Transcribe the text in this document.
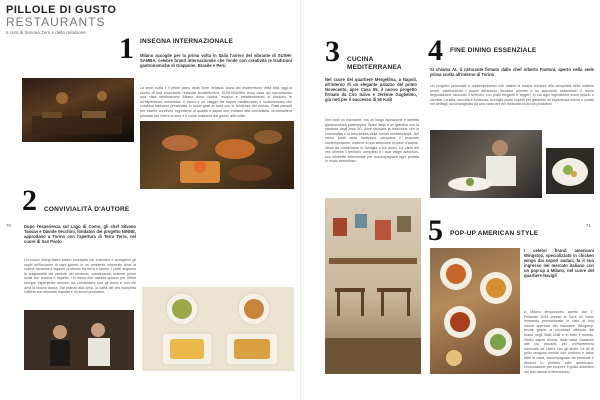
PILLOLE DI GUSTO
RESTAURANTS
a cura di Simona Zerri e della redazione 1 INSEGNA INTERNAZIONALE
Milano accoglie per la prima volta in Italia l'arrivo del vibrante di SUSHI-SAMBA, celebre brand internazionale che fonde con creatività le tradizioni gastronomiche di Giappone, Brasile e Perù
La sede svela il il primo piano della Torre Velasca, icona del modernismo della città oggi al centro di una importante rinascita architettonica. SUSHISAMBA trova casa qui raccontando una vista destinazione Milano dove cucina, musica e intrattenimento si fondono in un'esperienza immersiva. Il menu è un viaggio tra sapori mediterranei e sudamericani che combina tradizioni preservate in nuovi gusti in linea con le tendenze del mondo. Piatti pensati per essere condivisi, ingredienti di qualità e sapori che invitano alla convivialità, un'atmosfera pensata per vivere la sera e il cuore milanese dal giorno alla notte.
2 CONVIVIALITÀ D'AUTORE
Dopo l'esperienza sul Lago di Como, gli chef Silvano Tassan e Davide Vecchini, fondatori del progetto NINNE, approdano a Torino con l'apertura di Terra Terra, nel cuore di San Paolo
Un nuovo dining bistrò sobrio concepito per custodire e accogliere gli ospiti nell'incontro di ogni giorno, in un ambiente informale dove la cucina racconta il legame profondo tra terra e lavoro. I piatti seguono la stagionalità dei prodotti del territorio, valorizzando materie prime locali con tecnica e rispetto. Un menu che cambia spesso per offrire sempre esperienze diverse, da condividere con gli amici e con chi ama la buona tavola. Dal pranzo alla cena, la carta dei vini completa l'offerta con etichette naturali e di piccoli produttori.
70
3 CUCINA MEDITERRANEA
Nel cuore del quartiere Mergellina, a Napoli, all'interno di un elegante palazzo del primo Novecento, apre Casa 55, il nuovo progetto firmato da Ciro Salvo e Jérémie Guglielmo, già noti per il successo di 50 Kalò
Non solo un ristorante, ma un luogo ispirazione e identità gastronomica partenopea. Spazi ampi e un giardino con la struttura degli anni '50, dove ritrovare la tradizione con la convivialità e la freschezza della cucina mediterranea. Nel menu piatti della tradizione campana e proposte contemporanee, insieme a una selezione di pizze d'autore, ideali da condividere in famiglia o tra amici. La carta dei vini celebra il territorio campano e i suoi vitigni autoctoni, con etichette selezionate per accompagnare ogni portata in modo armonioso.
4 FINE DINING ESSENZIALE
Si chiama AL il ristorante firmato dallo chef Alberto Fantoni, aperto nella sede prima scelta all'interno di Torino
Un progetto personale e contemporaneo che unisce la cucina d'autore alla semplicità delle materie prime, valorizzando i sapori attraverso tecniche precise e un approccio essenziale. Il menu degustazione racconta il territorio con piatti eleganti e leggeri, in cui ogni ingrediente trova spazio e identità. La sala, raccolta e luminosa, accoglie pochi coperti per garantire un'esperienza intima e curata nei dettagli, accompagnata da una carta dei vini dedicata ai piccoli produttori.
5 POP-UP AMERICAN STYLE
I celebri brand americani Wingstop, specializzato in chicken wings dai sapori audaci, fa il suo ingresso nel mercato italiano con un pop-up a Milano, nel cuore del quartiere Navigli
A Milano temporaneo aperto dal 1° Febbraio 2024 presso la Torre 40 come momento promozionale in vista di una nuova apertura del ristorante Wingstop, anche grazie al successo ottenuto dal brand negli Stati Uniti e in tutto il mondo. Sedici sapori diversi, dalle salse classiche alle più piccanti, per un'esperienza informale da vivere con gli amici. Le ali di pollo vengono servite con contorni e salse fatte in casa, accompagnate da bevande e dessert in perfetto stile americano. Un'occasione per scoprire il gusto autentico del fast casual d'oltreoceano.
71
